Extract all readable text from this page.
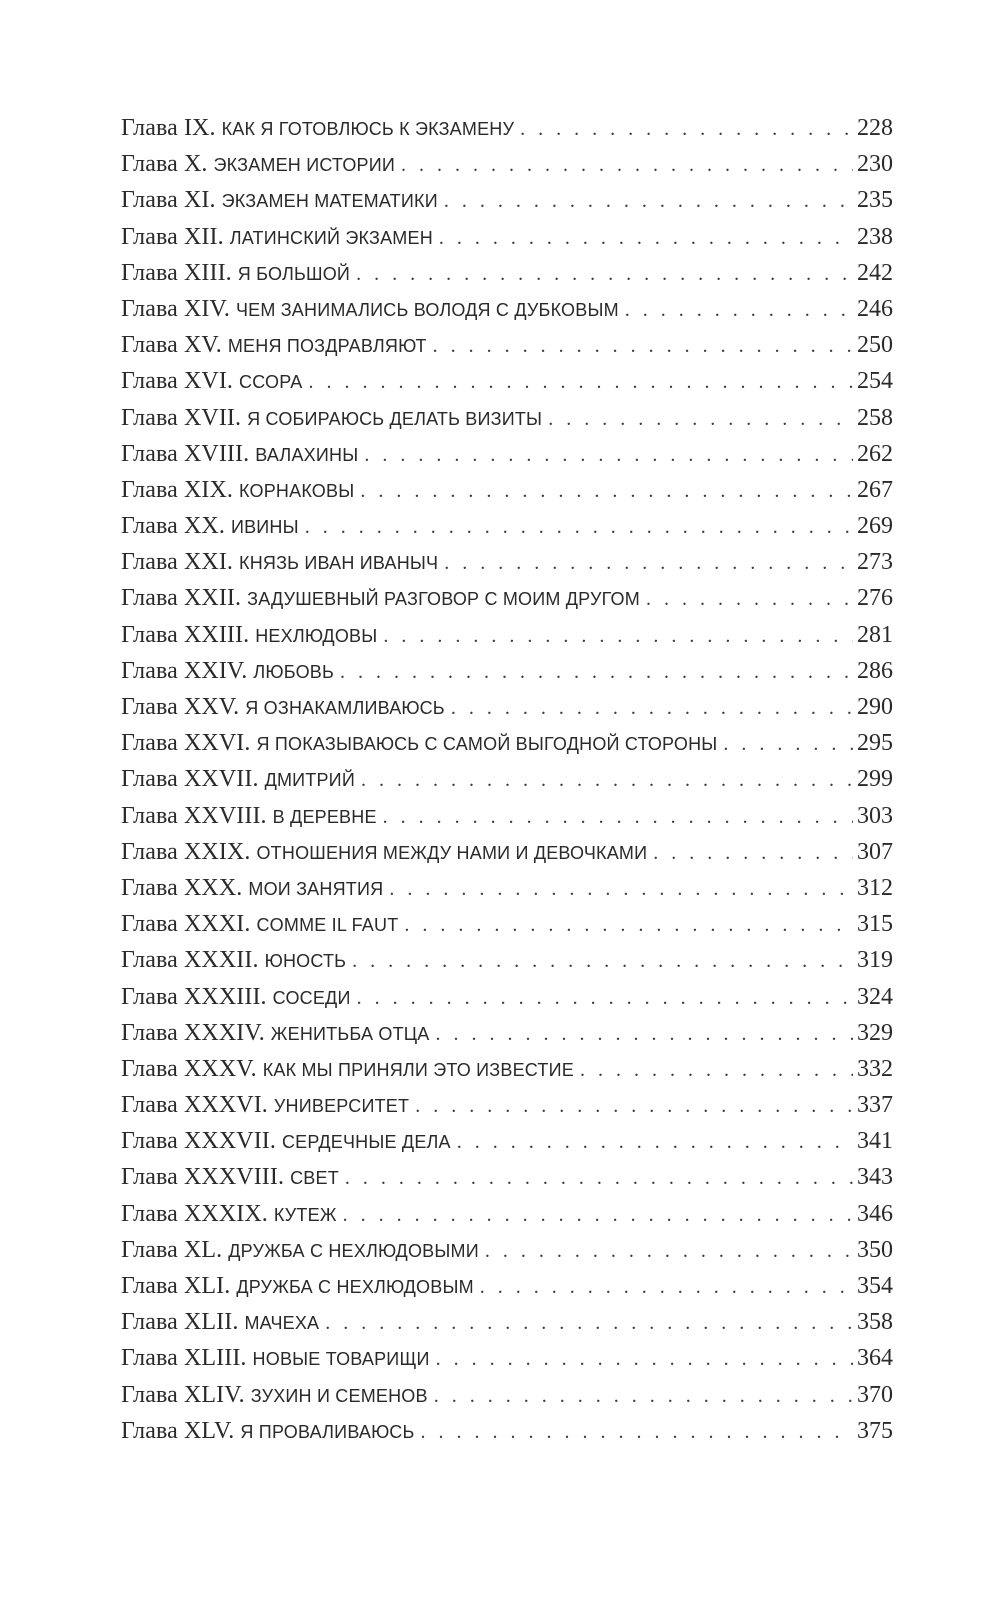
Глава IX. КАК Я ГОТОВЛЮСЬ К ЭКЗАМЕНУ . . .	228
Глава X. ЭКЗАМЕН ИСТОРИИ . . .	230
Глава XI. ЭКЗАМЕН МАТЕМАТИКИ . . .	235
Глава XII. ЛАТИНСКИЙ ЭКЗАМЕН . . .	238
Глава XIII. Я БОЛЬШОЙ . . .	242
Глава XIV. ЧЕМ ЗАНИМАЛИСЬ ВОЛОДЯ С ДУБКОВЫМ . . .	246
Глава XV. МЕНЯ ПОЗДРАВЛЯЮТ . . .	250
Глава XVI. ССОРА . . .	254
Глава XVII. Я СОБИРАЮСЬ ДЕЛАТЬ ВИЗИТЫ . . .	258
Глава XVIII. ВАЛАХИНЫ . . .	262
Глава XIX. КОРНАКОВЫ . . .	267
Глава XX. ИВИНЫ . . .	269
Глава XXI. КНЯЗЬ ИВАН ИВАНЫЧ . . .	273
Глава XXII. ЗАДУШЕВНЫЙ РАЗГОВОР С МОИМ ДРУГОМ . . .	276
Глава XXIII. НЕХЛЮДОВЫ . . .	281
Глава XXIV. ЛЮБОВЬ . . .	286
Глава XXV. Я ОЗНАКАМЛИВАЮСЬ . . .	290
Глава XXVI. Я ПОКАЗЫВАЮСЬ С САМОЙ ВЫГОДНОЙ СТОРОНЫ . . .	295
Глава XXVII. ДМИТРИЙ . . .	299
Глава XXVIII. В ДЕРЕВНЕ . . .	303
Глава XXIX. ОТНОШЕНИЯ МЕЖДУ НАМИ И ДЕВОЧКАМИ . . .	307
Глава XXX. МОИ ЗАНЯТИЯ . . .	312
Глава XXXI. COMME IL FAUT . . .	315
Глава XXXII. ЮНОСТЬ . . .	319
Глава XXXIII. СОСЕДИ . . .	324
Глава XXXIV. ЖЕНИТЬБА ОТЦА . . .	329
Глава XXXV. КАК МЫ ПРИНЯЛИ ЭТО ИЗВЕСТИЕ . . .	332
Глава XXXVI. УНИВЕРСИТЕТ . . .	337
Глава XXXVII. СЕРДЕЧНЫЕ ДЕЛА . . .	341
Глава XXXVIII. СВЕТ . . .	343
Глава XXXIX. КУТЕЖ . . .	346
Глава XL. ДРУЖБА С НЕХЛЮДОВЫМИ . . .	350
Глава XLI. ДРУЖБА С НЕХЛЮДОВЫМ . . .	354
Глава XLII. МАЧЕХА . . .	358
Глава XLIII. НОВЫЕ ТОВАРИЩИ . . .	364
Глава XLIV. ЗУХИН И СЕМЕНОВ . . .	370
Глава XLV. Я ПРОВАЛИВАЮСЬ . . .	375
